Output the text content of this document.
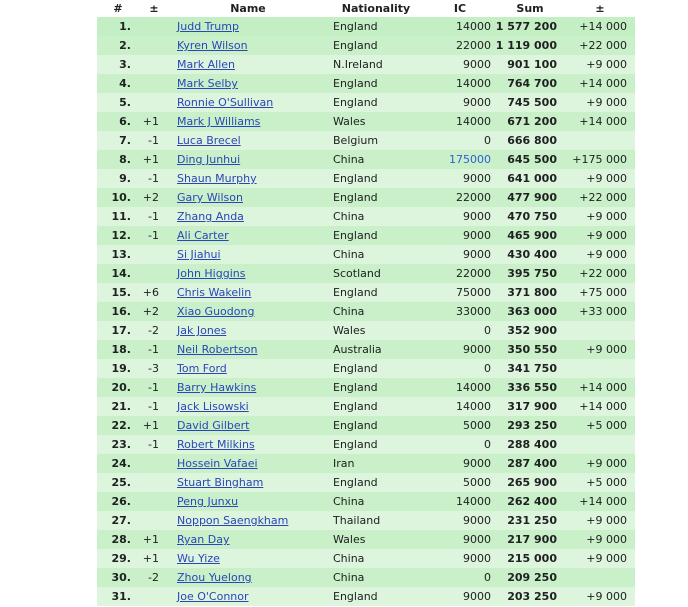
#	±	Name	Nationality	IC	Sum	±
1.		Judd Trump	England	14000	1 577 200	+14 000
2.		Kyren Wilson	England	22000	1 119 000	+22 000
3.		Mark Allen	N.Ireland	9000	901 100	+9 000
4.		Mark Selby	England	14000	764 700	+14 000
5.		Ronnie O'Sullivan	England	9000	745 500	+9 000
6.	+1	Mark J Williams	Wales	14000	671 200	+14 000
7.	-1	Luca Brecel	Belgium	0	666 800	
8.	+1	Ding Junhui	China	175000	645 500	+175 000
9.	-1	Shaun Murphy	England	9000	641 000	+9 000
10.	+2	Gary Wilson	England	22000	477 900	+22 000
11.	-1	Zhang Anda	China	9000	470 750	+9 000
12.	-1	Ali Carter	England	9000	465 900	+9 000
13.		Si Jiahui	China	9000	430 400	+9 000
14.		John Higgins	Scotland	22000	395 750	+22 000
15.	+6	Chris Wakelin	England	75000	371 800	+75 000
16.	+2	Xiao Guodong	China	33000	363 000	+33 000
17.	-2	Jak Jones	Wales	0	352 900	
18.	-1	Neil Robertson	Australia	9000	350 550	+9 000
19.	-3	Tom Ford	England	0	341 750	
20.	-1	Barry Hawkins	England	14000	336 550	+14 000
21.	-1	Jack Lisowski	England	14000	317 900	+14 000
22.	+1	David Gilbert	England	5000	293 250	+5 000
23.	-1	Robert Milkins	England	0	288 400	
24.		Hossein Vafaei	Iran	9000	287 400	+9 000
25.		Stuart Bingham	England	5000	265 900	+5 000
26.		Peng Junxu	China	14000	262 400	+14 000
27.		Noppon Saengkham	Thailand	9000	231 250	+9 000
28.	+1	Ryan Day	Wales	9000	217 900	+9 000
29.	+1	Wu Yize	China	9000	215 000	+9 000
30.	-2	Zhou Yuelong	China	0	209 250	
31.		Joe O'Connor	England	9000	203 250	+9 000
